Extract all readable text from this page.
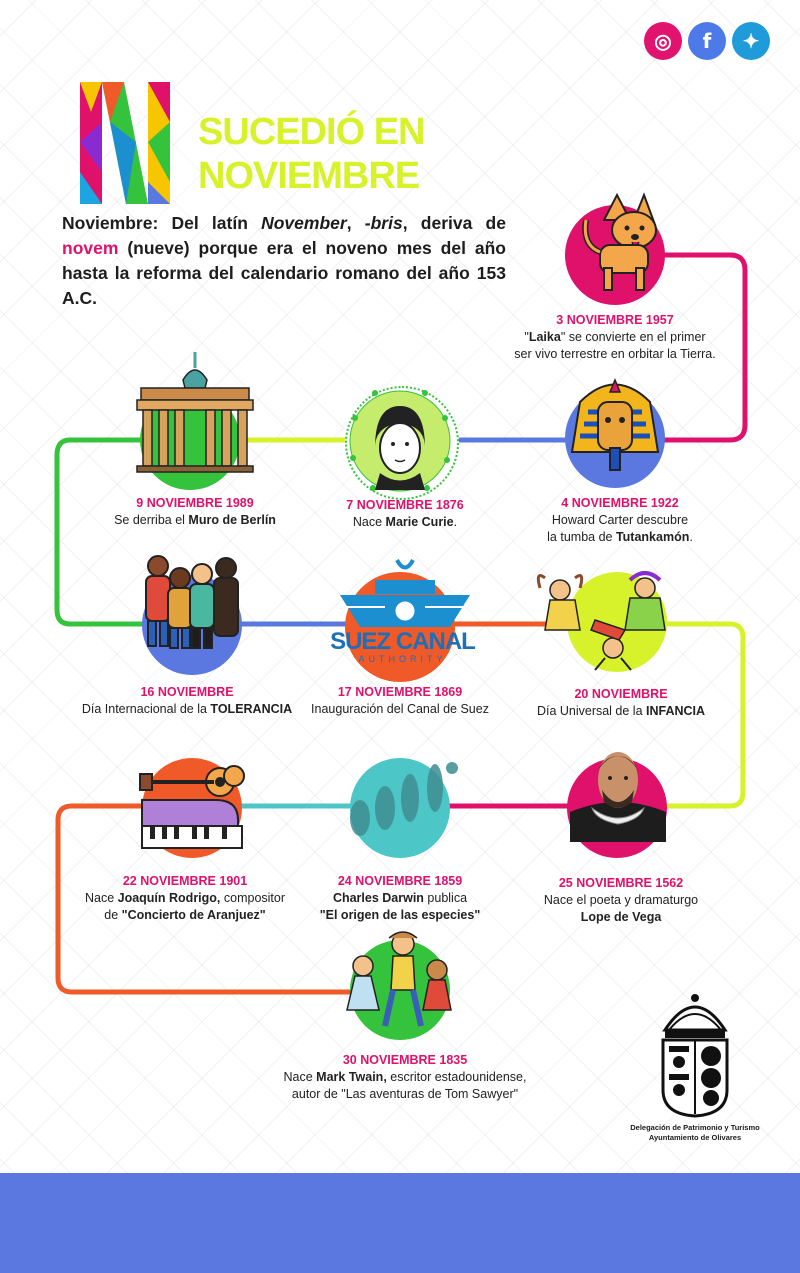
◎	f	✦
SUCEDIÓ EN
NOVIEMBRE
Noviembre: Del latín November, -bris, deriva de novem (nueve) porque era el noveno mes del año hasta la reforma del calendario romano del año 153 A.C.
SUEZ CANAL
AUTHORITY
3 NOVIEMBRE 1957
"Laika" se convierte en el primer
ser vivo terrestre en orbitar la Tierra.
4 NOVIEMBRE 1922
Howard Carter descubre
la tumba de Tutankamón.
7 NOVIEMBRE 1876
Nace Marie Curie.
9 NOVIEMBRE 1989
Se derriba el Muro de Berlín
16 NOVIEMBRE
Día Internacional de la TOLERANCIA
17 NOVIEMBRE 1869
Inauguración del Canal de Suez
20 NOVIEMBRE
Día Universal de la INFANCIA
22 NOVIEMBRE 1901
Nace Joaquín Rodrigo, compositor
de "Concierto de Aranjuez"
24 NOVIEMBRE 1859
Charles Darwin publica
"El origen de las especies"
25 NOVIEMBRE 1562
Nace el poeta y dramaturgo
Lope de Vega
30 NOVIEMBRE 1835
Nace Mark Twain, escritor estadounidense,
autor de "Las aventuras de Tom Sawyer"
Delegación de Patrimonio y Turismo
Ayuntamiento de Olivares
